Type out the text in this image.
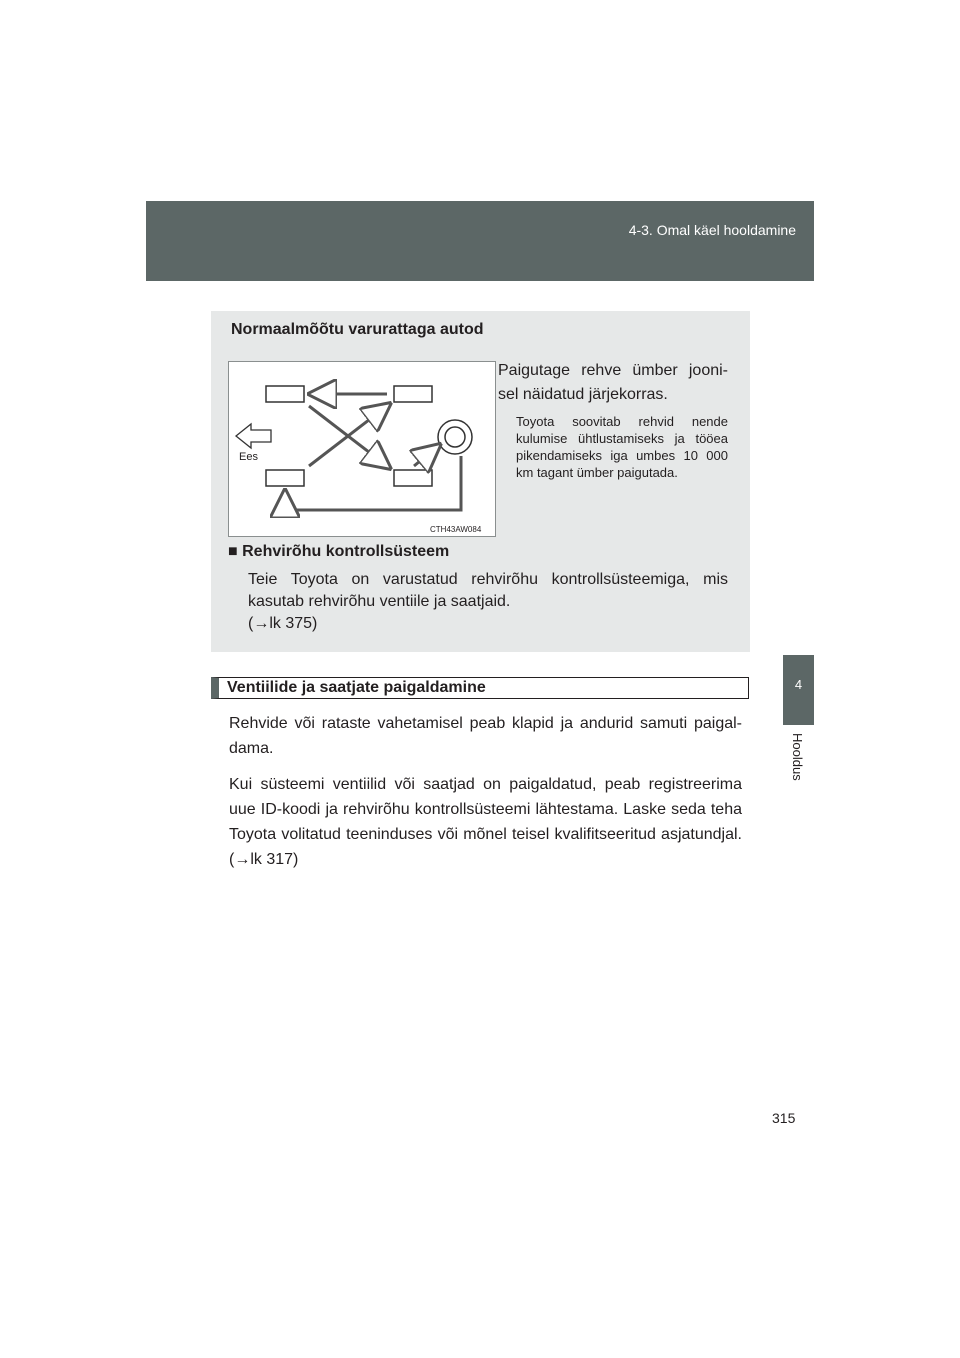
4-3. Omal käel hooldamine
4
Hooldus
Normaalmõõtu varurattaga autod
Ees
CTH43AW084
Paigutage rehve ümber jooni-sel näidatud järjekorras.
Toyota soovitab rehvid nende kulumise ühtlustamiseks ja tööea pikendamiseks iga umbes 10 000 km tagant ümber paigutada.
■ Rehvirõhu kontrollsüsteem
Teie Toyota on varustatud rehvirõhu kontrollsüsteemiga, mis kasutab rehvirõhu ventiile ja saatjaid.
(→lk 375)
Ventiilide ja saatjate paigaldamine

Rehvide või rataste vahetamisel peab klapid ja andurid samuti paigal-dama.

Kui süsteemi ventiilid või saatjad on paigaldatud, peab registreerima uue ID-koodi ja rehvirõhu kontrollsüsteemi lähtestama. Laske seda teha Toyota volitatud teeninduses või mõnel teisel kvalifitseeritud asjatundjal. (→lk 317)

315
